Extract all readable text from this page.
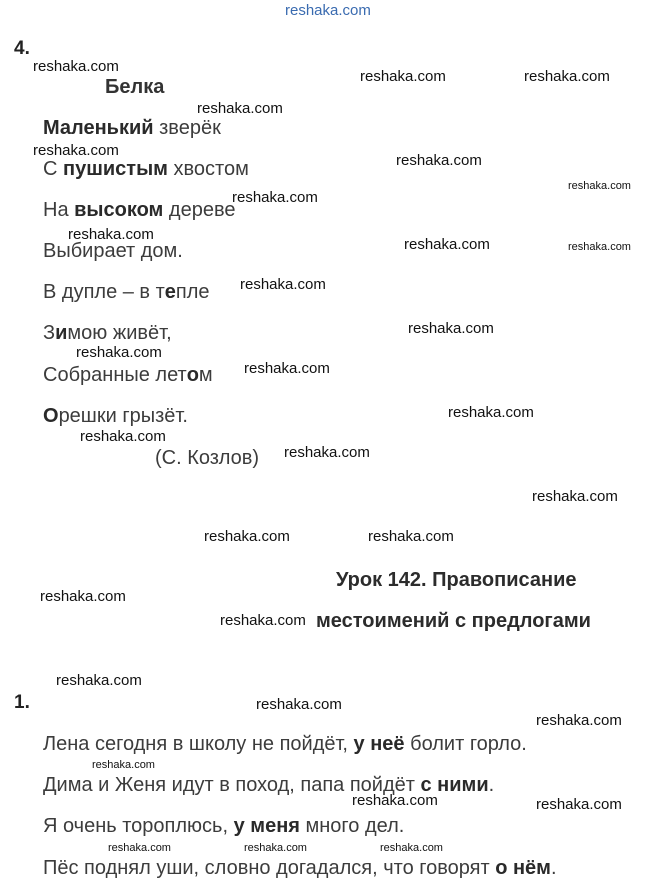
reshaka.com
4.
Белка
Маленький зверёк
С пушистым хвостом
На высоком дереве
Выбирает дом.
В дупле – в тепле
Зимою живёт,
Собранные летом
Орешки грызёт.
(С. Козлов)
Урок 142. Правописание
местоимений с предлогами
1.
Лена сегодня в школу не пойдёт, у неё болит горло.
Дима и Женя идут в поход, папа пойдёт с ними.
Я очень тороплюсь, у меня много дел.
Пёс поднял уши, словно догадался, что говорят о нём.
reshaka.com
reshaka.com	reshaka.com
reshaka.com
reshaka.com
reshaka.com
reshaka.com
reshaka.com
reshaka.com
reshaka.com	reshaka.com
reshaka.com
reshaka.com
reshaka.com
reshaka.com
reshaka.com
reshaka.com
reshaka.com
reshaka.com
reshaka.com	reshaka.com
reshaka.com
reshaka.com
reshaka.com
reshaka.com
reshaka.com
reshaka.com
reshaka.com	reshaka.com
reshaka.com	reshaka.com	reshaka.com
